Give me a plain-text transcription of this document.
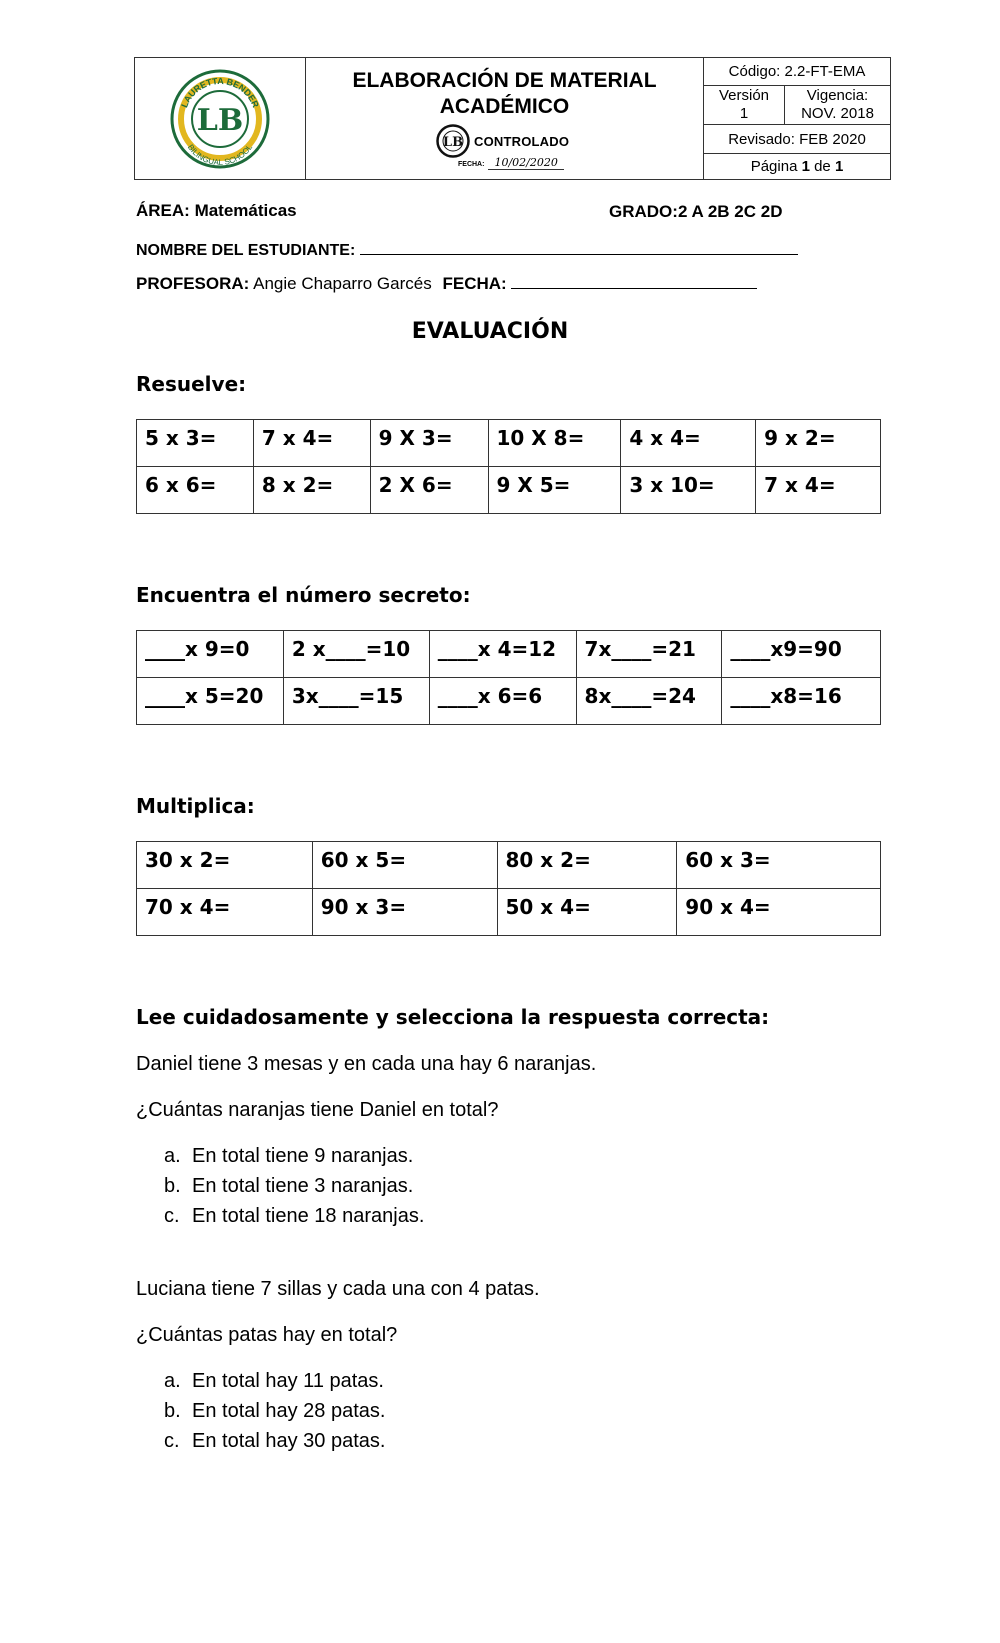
LAURETTA BENDER
BILINGUAL SCHOOL
LB
ELABORACIÓN DE MATERIAL
ACADÉMICO
LB CONTROLADO
FECHA: 10/02/2020
Código: 2.2-FT-EMA
Versión
1
Vigencia:
NOV. 2018
Revisado: FEB 2020
Página 1 de 1
ÁREA: Matemáticas	GRADO:2 A 2B 2C 2D
NOMBRE DEL ESTUDIANTE:
PROFESORA: Angie Chaparro Garcés FECHA:
EVALUACIÓN
Resuelve:
5 x 3=	7 x 4=	9 X 3=	10 X 8=	4 x 4=	9 x 2=
6 x 6=	8 x 2=	2 X 6=	9 X 5=	3 x 10=	7 x 4=
Encuentra el número secreto:
____x 9=0	2 x____=10	____x 4=12	7x____=21	____x9=90
____x 5=20	3x____=15	____x 6=6	8x____=24	____x8=16
Multiplica:
30 x 2=	60 x 5=	80 x 2=	60 x 3=
70 x 4=	90 x 3=	50 x 4=	90 x 4=
Lee cuidadosamente y selecciona la respuesta correcta:
Daniel tiene 3 mesas y en cada una hay 6 naranjas.
¿Cuántas naranjas tiene Daniel en total?
a. En total tiene 9 naranjas.
b. En total tiene 3 naranjas.
c. En total tiene 18 naranjas.
Luciana tiene 7 sillas y cada una con 4 patas.
¿Cuántas patas hay en total?
a. En total hay 11 patas.
b. En total hay 28 patas.
c. En total hay 30 patas.
